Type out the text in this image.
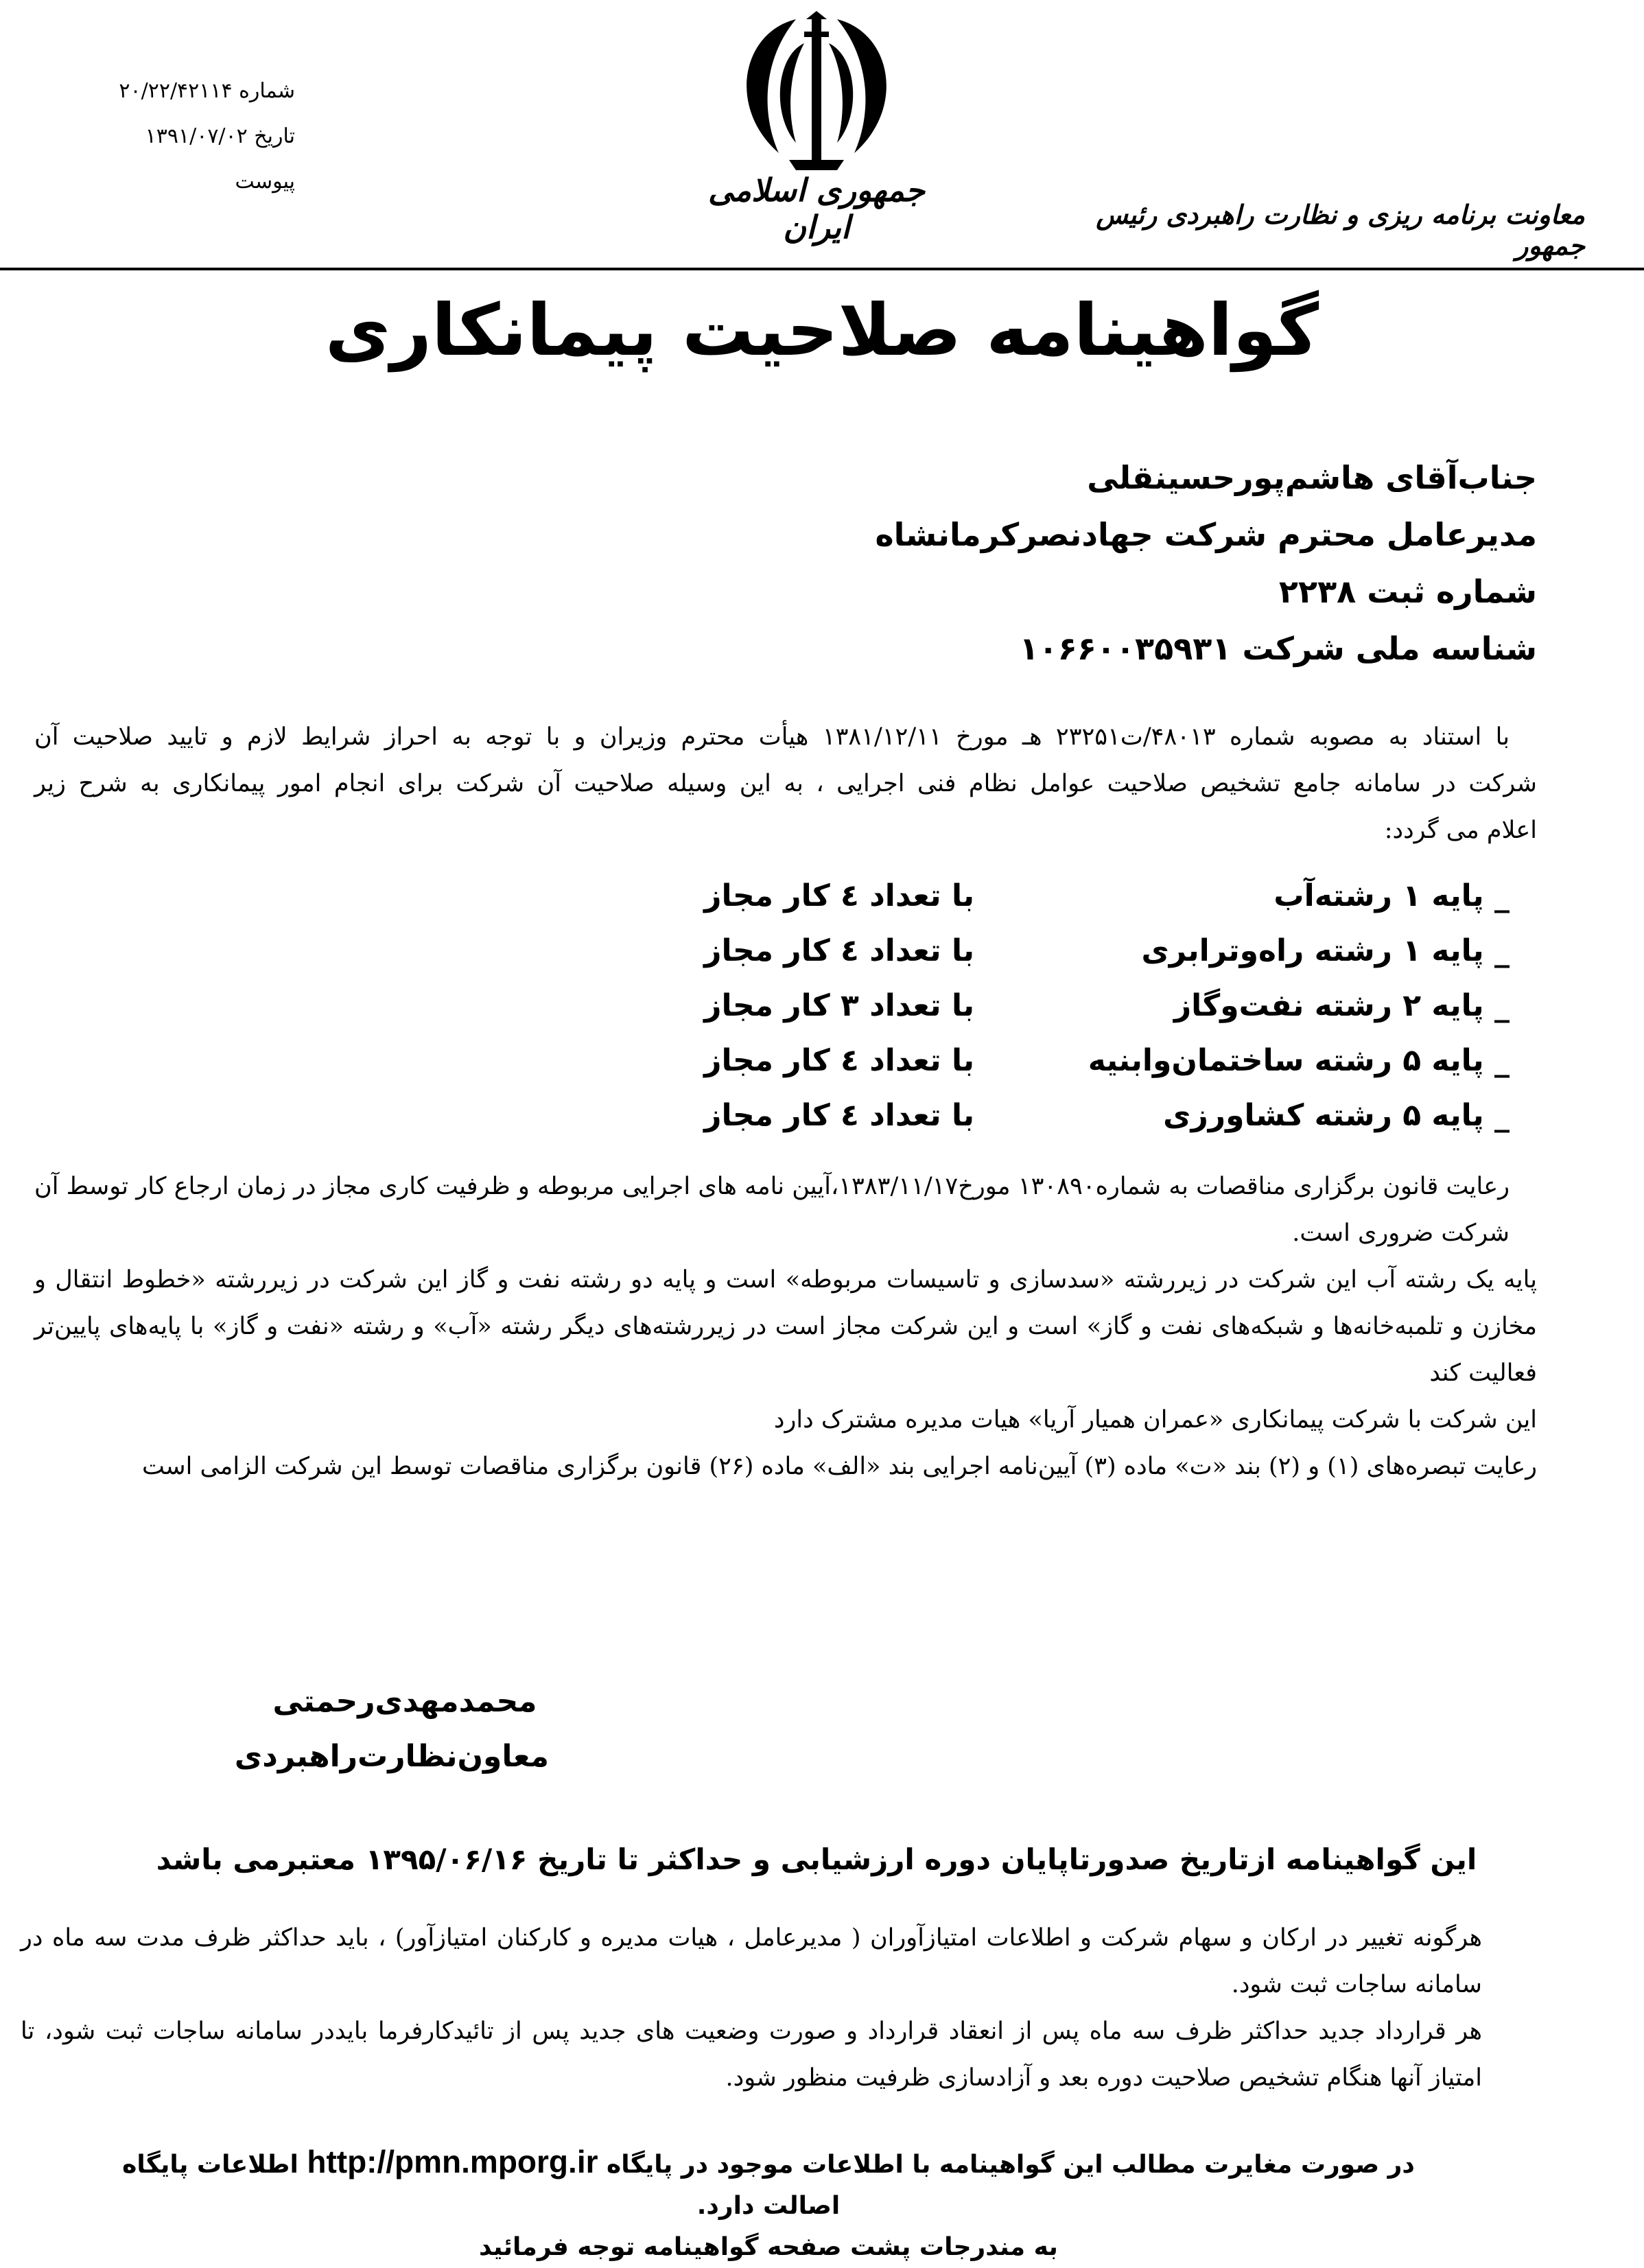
شماره ۲۰/۲۲/۴۲۱۱۴
تاریخ ۱۳۹۱/۰۷/۰۲
پیوست	جمهوری اسلامی ایران	معاونت برنامه ریزی و نظارت راهبردی رئیس جمهور
گواهینامه صلاحیت پیمانکاری
جناب‌آقای هاشم‌پورحسینقلی
مدیرعامل محترم شرکت جهادنصرکرمانشاه
شماره ثبت ۲۲۳۸
شناسه ملی شرکت ۱۰۶۶۰۰۳۵۹۳۱
با استناد به مصوبه شماره ۴۸۰۱۳/ت۲۳۲۵۱ هـ مورخ ۱۳۸۱/۱۲/۱۱ هیأت محترم وزیران و با توجه به احراز شرایط لازم و تایید صلاحیت آن
شرکت در سامانه جامع تشخیص صلاحیت عوامل نظام فنی اجرایی ، به این وسیله صلاحیت آن شرکت برای انجام امور پیمانکاری به شرح زیر
اعلام می گردد:
_ پایه ۱ رشته‌آب
با تعداد ٤ کار مجاز
_ پایه ۱ رشته راه‌وترابری
با تعداد ٤ کار مجاز
_ پایه ۲ رشته نفت‌وگاز
با تعداد ۳ کار مجاز
_ پایه ۵ رشته ساختمان‌وابنیه
با تعداد ٤ کار مجاز
_ پایه ۵ رشته کشاورزی
با تعداد ٤ کار مجاز

رعایت قانون برگزاری مناقصات به شماره۱۳۰۸۹۰ مورخ۱۳۸۳/۱۱/۱۷،آیین نامه های اجرایی مربوطه و ظرفیت کاری مجاز در زمان ارجاع کار توسط آن شرکت ضروری است.

پایه یک رشته آب این شرکت در زیررشته «سدسازی و تاسیسات مربوطه» است و پایه دو رشته نفت و گاز این شرکت در زیررشته «خطوط انتقال و مخازن و تلمبه‌خانه‌ها و شبکه‌های نفت و گاز» است و این شرکت مجاز است در زیررشته‌های دیگر رشته «آب» و رشته «نفت و گاز» با پایه‌های پایین‌تر فعالیت کند

این شرکت با شرکت پیمانکاری «عمران همیار آریا» هیات مدیره مشترک دارد

رعایت تبصره‌های (۱) و (۲) بند «ت» ماده (۳) آیین‌نامه اجرایی بند «الف» ماده (۲۶) قانون برگزاری مناقصات توسط این شرکت الزامی است

محمدمهدی‌رحمتی
معاون‌نظارت‌راهبردی
این گواهینامه ازتاریخ صدورتاپایان دوره ارزشیابی و حداکثر تا تاریخ ۱۳۹۵/۰۶/۱۶ معتبرمی باشد

هرگونه تغییر در ارکان و سهام شرکت و اطلاعات امتیازآوران ( مدیرعامل ، هیات مدیره و کارکنان امتیازآور) ، باید حداکثر ظرف مدت سه ماه در سامانه ساجات ثبت شود.

هر قرارداد جدید حداکثر ظرف سه ماه پس از انعقاد قرارداد و صورت وضعیت های جدید پس از تائیدکارفرما بایددر سامانه ساجات ثبت شود، تا امتیاز آنها هنگام تشخیص صلاحیت دوره بعد و آزادسازی ظرفیت منظور شود.

در صورت مغایرت مطالب این گواهینامه با اطلاعات موجود در پایگاه http://pmn.mporg.ir اطلاعات پایگاه اصالت دارد.
به مندرجات پشت صفحه گواهینامه توجه فرمائید
